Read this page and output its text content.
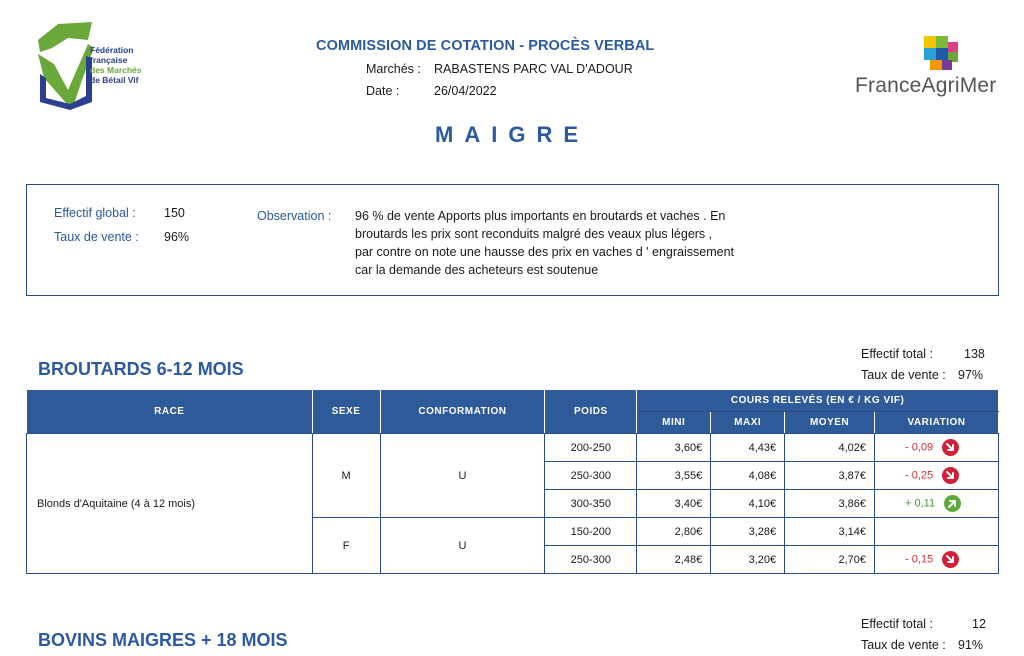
Fédération
française
des Marchés
de Bétail Vif
COMMISSION DE COTATION - PROCÈS VERBAL
Marchés : RABASTENS PARC VAL D'ADOUR
Date :	26/04/2022	FranceAgriMer
MAIGRE
Effectif global : 150
Taux de vente : 96%
Observation : 96 % de vente Apports plus importants en broutards et vaches . En
broutards les prix sont reconduits malgré des veaux plus légers ,
par contre on note une hausse des prix en vaches d ' engraissement
car la demande des acheteurs est soutenue
BROUTARDS 6-12 MOIS
Effectif total : 138
Taux de vente : 97%
RACE	SEXE	CONFORMATION	POIDS	COURS RELEVÉS (EN € / KG VIF)			
				MINI	MAXI	MOYEN	VARIATION
Blonds d'Aquitaine (4 à 12 mois)	M	U	200-250	3,60€	4,43€	4,02€	- 0,09

			250-300	3,55€	4,08€	3,87€	- 0,25

			300-350	3,40€	4,10€	3,86€	+ 0,11

	F	U	150-200	2,80€	3,28€	3,14€	
			250-300	2,48€	3,20€	2,70€	- 0,15
BOVINS MAIGRES + 18 MOIS
Effectif total :	12
Taux de vente : 91%
